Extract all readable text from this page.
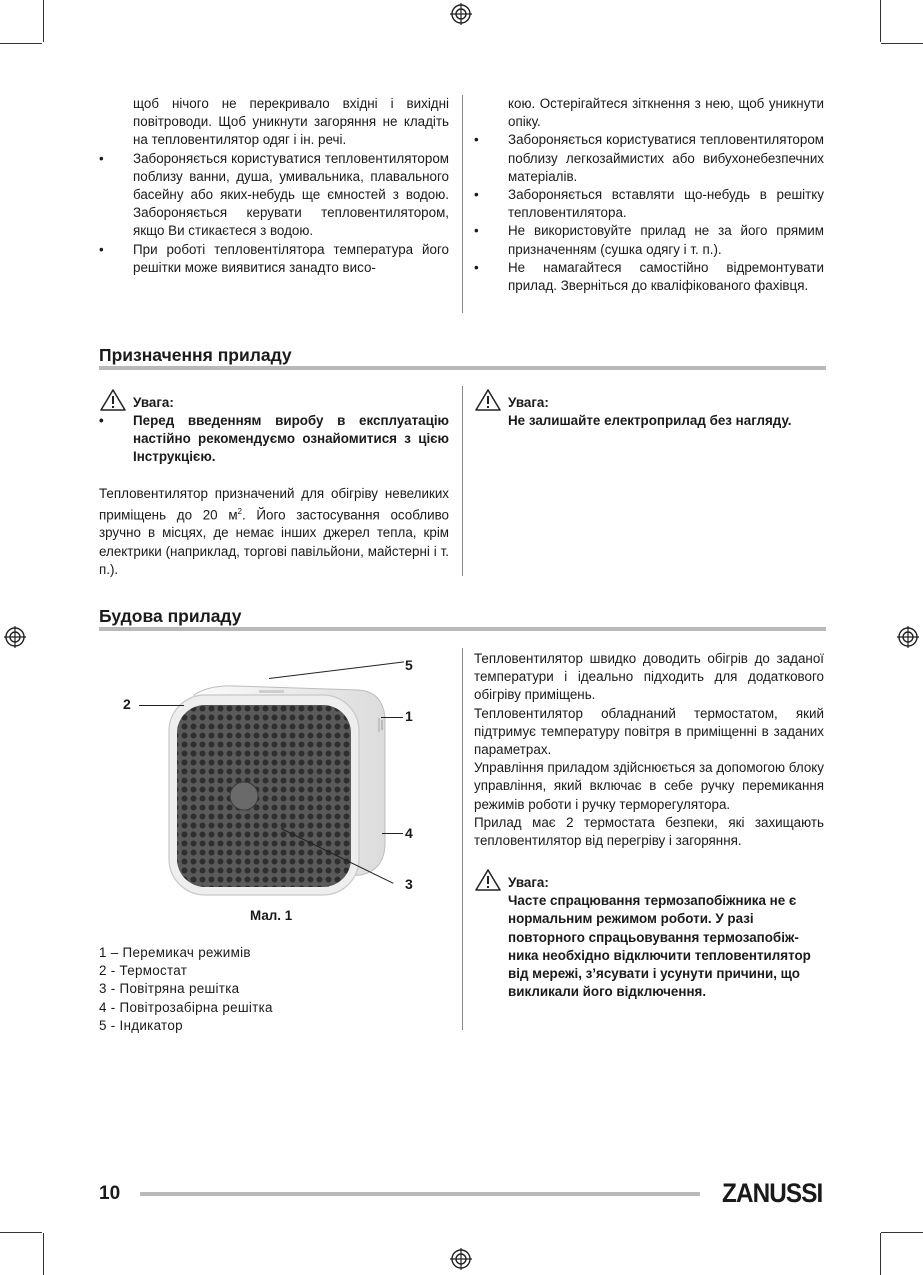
щоб нічого не перекривало вхідні і вихідні повітроводи. Щоб уникнути загоряння не кладіть на тепловентилятор одяг і ін. речі.
• Забороняється користуватися тепловентилятором поблизу ванни, душа, умивальника, плавального басейну або яких-небудь ще ємностей з водою. Забороняється керувати тепловентилятором, якщо Ви стикаєтеся з водою.
• При роботі тепловентілятора температура його решітки може виявитися занадто висо-
кою. Остерігайтеся зіткнення з нею, щоб уникнути опіку.
• Забороняється користуватися тепловентилятором поблизу легкозаймистих або вибухонебезпечних матеріалів.
• Забороняється вставляти що-небудь в решітку тепловентилятора.
• Не використовуйте прилад не за його прямим призначенням (сушка одягу і т. п.).
• Не намагайтеся самостійно відремонтувати прилад. Зверніться до кваліфікованого фахівця.
Призначення приладу
Увага:
• Перед введенням виробу в експлуатацію настійно рекомендуємо ознайомитися з цією Інструкцією.

Тепловентилятор призначений для обігріву невеликих приміщень до 20 $м^2$. Його застосування особливо зручно в місцях, де немає інших джерел тепла, крім електрики (наприклад, торгові павільйони, майстерні і т. п.).

Увага:
Не залишайте електроприлад без нагляду.
Будова приладу
5
1
2
4
3
Мал. 1
1 – Перемикач режимів
2 - Термостат
3 - Повітряна решітка
4 - Повітрозабірна решітка
5 - Індикатор

Тепловентилятор швидко доводить обігрів до заданої температури і ідеально підходить для додаткового обігріву приміщень.

Тепловентилятор обладнаний термостатом, який підтримує температуру повітря в приміщенні в заданих параметрах.

Управління приладом здійснюється за допомогою блоку управління, який включає в себе ручку перемикання режимів роботи і ручку терморегулятора.

Прилад має 2 термостата безпеки, які захищають тепловентилятор від перегріву і загоряння.

Увага:
Часте спрацювання термозапобіжника не є нормальним режимом роботи. У разі повторного спрацьовування термозапобіжника необхідно відключити тепловентилятор від мережі, з’ясувати і усунути причини, що викликали його відключення.
10	ZANUSSI
